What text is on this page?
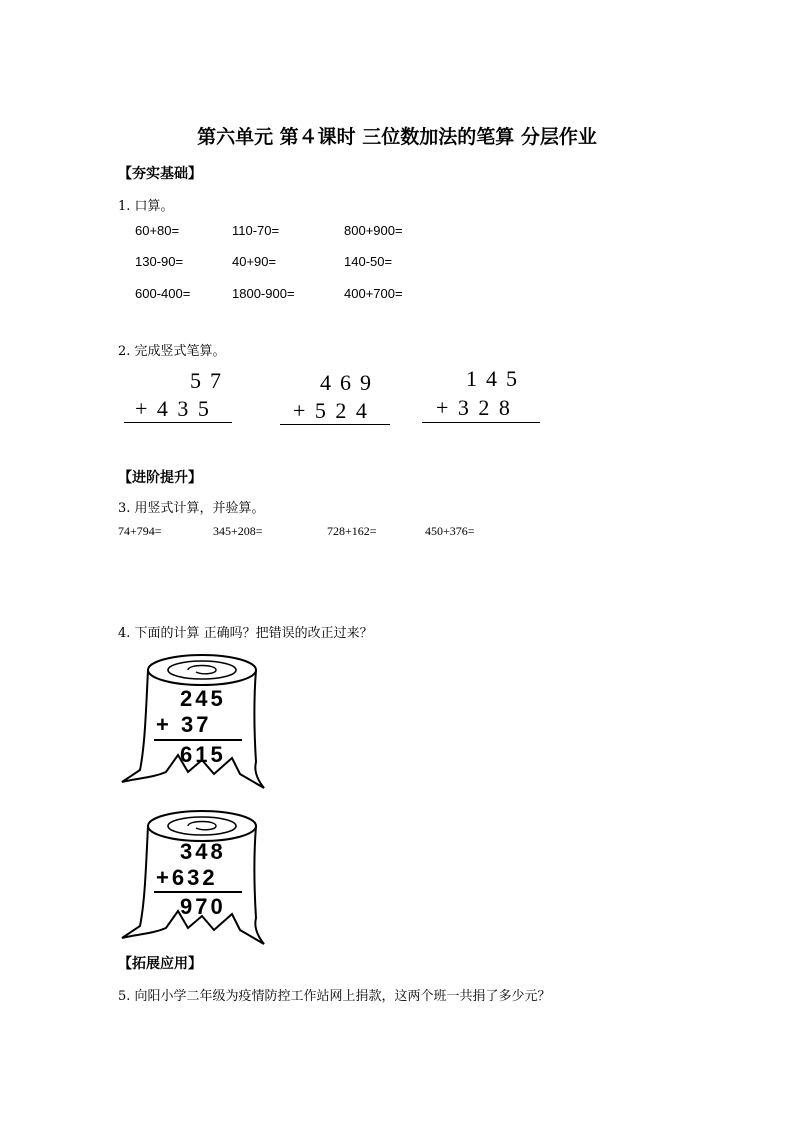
第六单元 第４课时 三位数加法的笔算 分层作业
【夯实基础】
1. 口算。
60+80=	110-70=	800+900=
130-90=	40+90=	140-50=
600-400=	1800-900=	400+700=
2. 完成竖式笔算。
57
+ 4 3 5
469
+ 5 2 4
145
+ 3 2 8
【进阶提升】
3. 用竖式计算，并验算。
74+794=	345+208=	728+162=	450+376=
4. 下面的计算 正确吗？把错误的改正过来？
245
+ 37
615
348
+632
970
【拓展应用】
5. 向阳小学二年级为疫情防控工作站网上捐款，这两个班一共捐了多少元？
